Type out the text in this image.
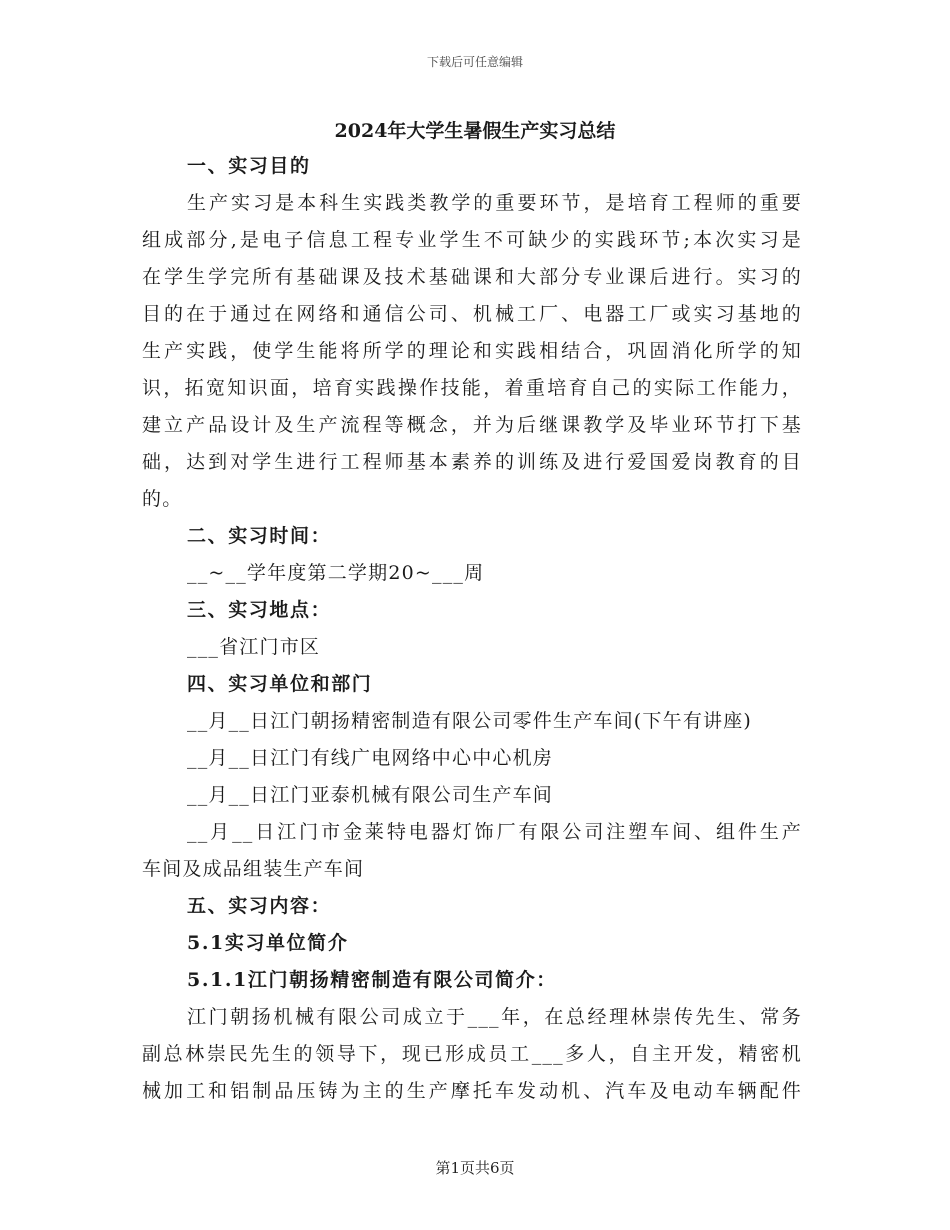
下载后可任意编辑
2024年大学生暑假生产实习总结
一、实习目的
生产实习是本科生实践类教学的重要环节，是培育工程师的重要
组成部分,是电子信息工程专业学生不可缺少的实践环节;本次实习是
在学生学完所有基础课及技术基础课和大部分专业课后进行。实习的
目的在于通过在网络和通信公司、机械工厂、电器工厂或实习基地的
生产实践，使学生能将所学的理论和实践相结合，巩固消化所学的知
识，拓宽知识面，培育实践操作技能，着重培育自己的实际工作能力，
建立产品设计及生产流程等概念，并为后继课教学及毕业环节打下基
础，达到对学生进行工程师基本素养的训练及进行爱国爱岗教育的目
的。
二、实习时间：
__~__学年度第二学期20~___周
三、实习地点：
___省江门市区
四、实习单位和部门
__月__日江门朝扬精密制造有限公司零件生产车间(下午有讲座)
__月__日江门有线广电网络中心中心机房
__月__日江门亚泰机械有限公司生产车间
__月__日江门市金莱特电器灯饰厂有限公司注塑车间、组件生产
车间及成品组装生产车间
五、实习内容：
5.1实习单位简介
5.1.1江门朝扬精密制造有限公司简介：
江门朝扬机械有限公司成立于___年，在总经理林崇传先生、常务
副总林崇民先生的领导下，现已形成员工___多人，自主开发，精密机
械加工和铝制品压铸为主的生产摩托车发动机、汽车及电动车辆配件
第1页共6页
